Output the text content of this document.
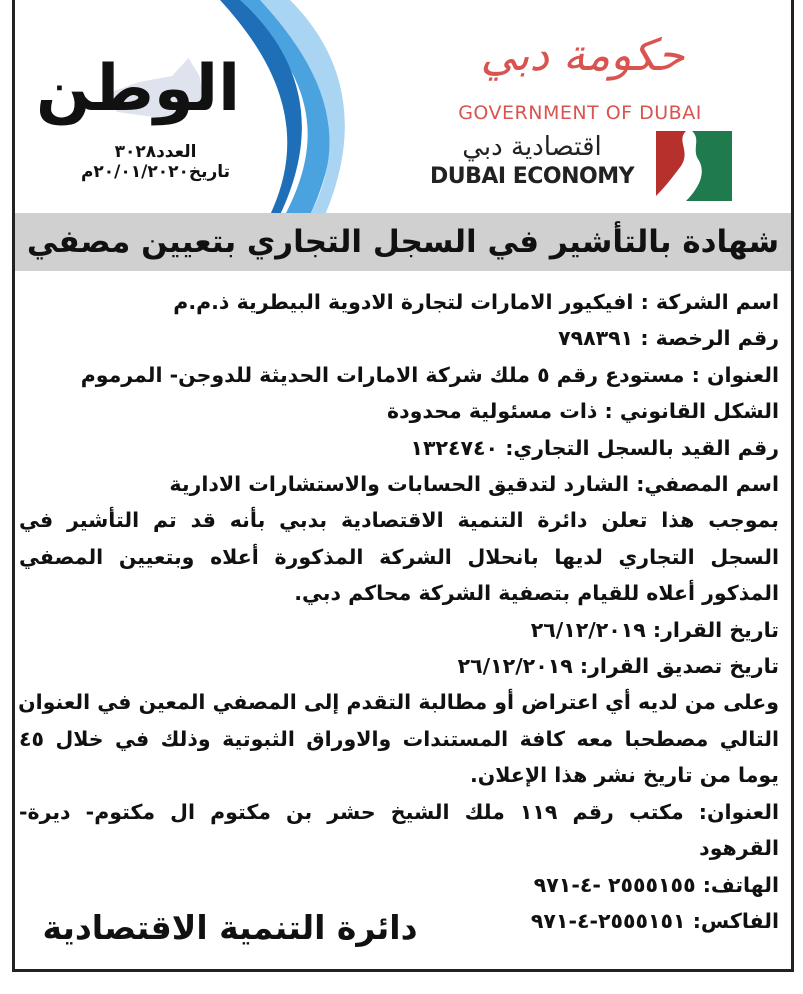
الوطن
العدد٣٠٢٨ تاريخ٢٠/٠١/٢٠٢٠م
حكومة دبي
GOVERNMENT OF DUBAI
اقتصادية دبي
DUBAI ECONOMY
شهادة بالتأشير في السجل التجاري بتعيين مصفي
اسم الشركة : افيكيور الامارات لتجارة الادوية البيطرية ذ.م.م
رقم الرخصة : ٧٩٨٣٩١
العنوان : مستودع رقم ٥ ملك شركة الامارات الحديثة للدوجن- المرموم
الشكل القانوني : ذات مسئولية محدودة
رقم القيد بالسجل التجاري: ١٣٢٤٧٤٠
اسم المصفي: الشارد لتدقيق الحسابات والاستشارات الادارية
بموجب هذا تعلن دائرة التنمية الاقتصادية بدبي بأنه قد تم التأشير في
السجل التجاري لديها بانحلال الشركة المذكورة أعلاه وبتعيين المصفي
المذكور أعلاه للقيام بتصفية الشركة محاكم دبي.
تاريخ القرار: ٢٦/١٢/٢٠١٩
تاريخ تصديق القرار: ٢٦/١٢/٢٠١٩
وعلى من لديه أي اعتراض أو مطالبة التقدم إلى المصفي المعين في العنوان
التالي مصطحبا معه كافة المستندات والاوراق الثبوتية وذلك في خلال ٤٥
يوما من تاريخ نشر هذا الإعلان.
العنوان: مكتب رقم ١١٩ ملك الشيخ حشر بن مكتوم ال مكتوم- ديرة-
القرهود
الهاتف: ٢٥٥٥١٥٥ -٤-٩٧١
الفاكس: ٢٥٥٥١٥١-٤-٩٧١
دائرة التنمية الاقتصادية
